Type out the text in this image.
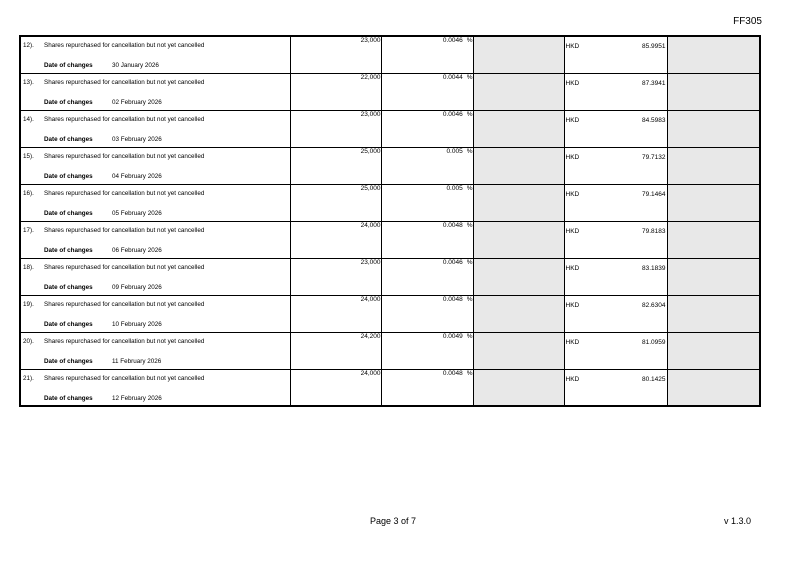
FF305
12). Shares repurchased for cancellation but not yet cancelled
Date of changes 30 January 2026	23,000	0.0046 %		HKD 85.9951	

13). Shares repurchased for cancellation but not yet cancelled
Date of changes 02 February 2026	22,000	0.0044 %		HKD 87.3941	

14). Shares repurchased for cancellation but not yet cancelled
Date of changes 03 February 2026	23,000	0.0046 %		HKD 84.5983	

15). Shares repurchased for cancellation but not yet cancelled
Date of changes 04 February 2026	25,000	0.005 %		HKD 79.7132	

16). Shares repurchased for cancellation but not yet cancelled
Date of changes 05 February 2026	25,000	0.005 %		HKD 79.1464	

17). Shares repurchased for cancellation but not yet cancelled
Date of changes 06 February 2026	24,000	0.0048 %		HKD 79.8183	

18). Shares repurchased for cancellation but not yet cancelled
Date of changes 09 February 2026	23,000	0.0046 %		HKD 83.1839	

19). Shares repurchased for cancellation but not yet cancelled
Date of changes 10 February 2026	24,000	0.0048 %		HKD 82.6304	

20). Shares repurchased for cancellation but not yet cancelled
Date of changes 11 February 2026	24,200	0.0049 %		HKD 81.0959	

21). Shares repurchased for cancellation but not yet cancelled
Date of changes 12 February 2026	24,000	0.0048 %		HKD 80.1425	

Page 3 of 7	v 1.3.0
